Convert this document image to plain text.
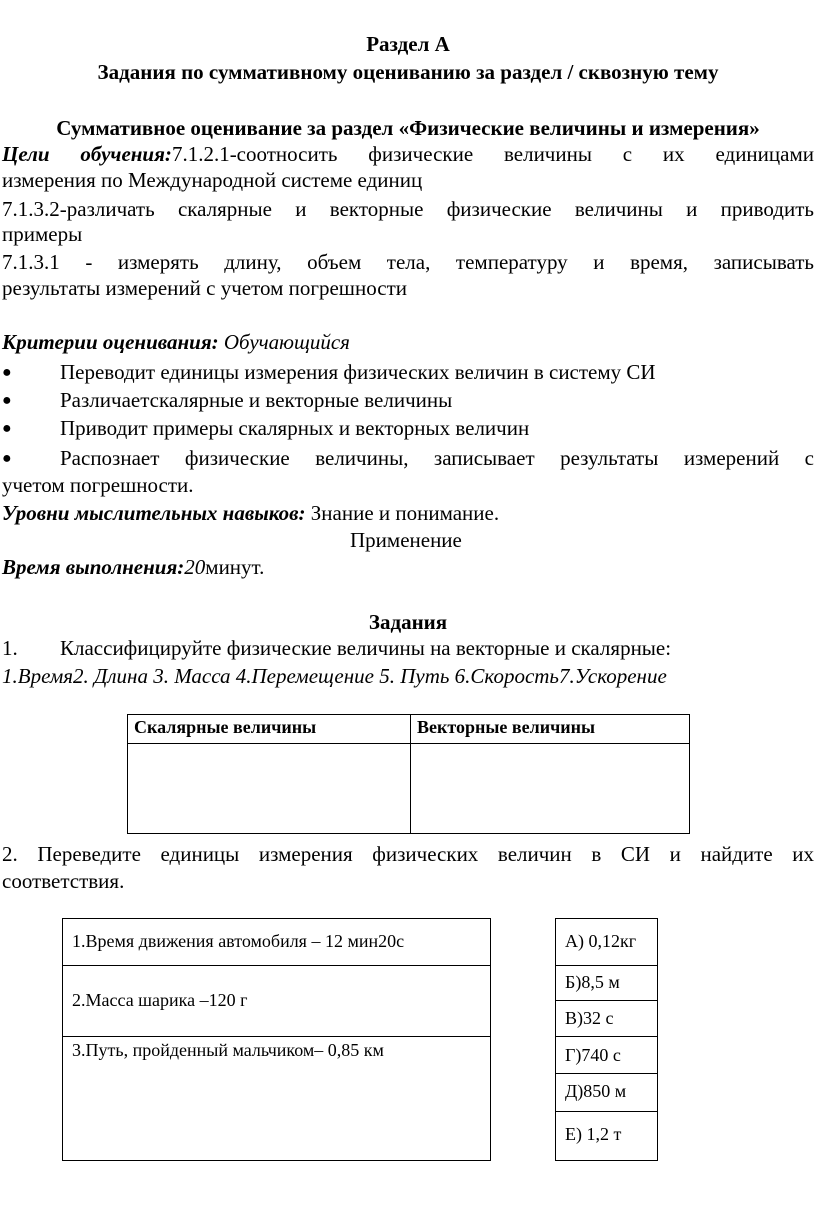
Раздел А
Задания по суммативному оцениванию за раздел / сквозную тему
Суммативное оценивание за раздел «Физические величины и измерения»
Цели обучения:7.1.2.1-соотносить физические величины с их единицами
измерения по Международной системе единиц
7.1.3.2-различать скалярные и векторные физические величины и приводить
примеры
7.1.3.1 - измерять длину, объем тела, температуру и время, записывать
результаты измерений с учетом погрешности
Критерии оценивания: Обучающийся
● Переводит единицы измерения физических величин в систему СИ
● Различаетскалярные и векторные величины
● Приводит примеры скалярных и векторных величин
● Распознает физические величины, записывает результаты измерений с
учетом погрешности.
Уровни мыслительных навыков: Знание и понимание.
Применение
Время выполнения:20минут.
Задания
1. Классифицируйте физические величины на векторные и скалярные:
1.Время2. Длина 3. Масса 4.Перемещение 5. Путь 6.Скорость7.Ускорение
Скалярные величины	Векторные величины

2. Переведите единицы измерения физических величин в СИ и найдите их
соответствия.
1.Время движения автомобиля – 12 мин20с
2.Масса шарика –120 г
3.Путь, пройденный мальчиком– 0,85 км
А) 0,12кг
Б)8,5 м
В)32 с
Г)740 с
Д)850 м
Е) 1,2 т
